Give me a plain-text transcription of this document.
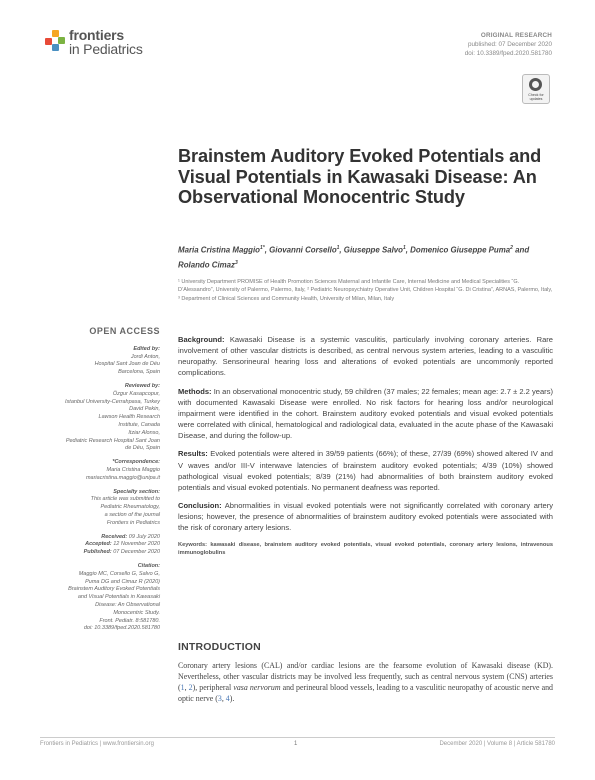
frontiers
in Pediatrics
ORIGINAL RESEARCH
published: 07 December 2020
doi: 10.3389/fped.2020.581780
Check for updates
Brainstem Auditory Evoked Potentials and Visual Potentials in Kawasaki Disease: An Observational Monocentric Study
Maria Cristina Maggio$^{1*}$, Giovanni Corsello$^1$, Giuseppe Salvo$^1$, Domenico Giuseppe Puma$^2$ and Rolando Cimaz$^3$
¹ University Department PROMISE of Health Promotion Sciences Maternal and Infantile Care, Internal Medicine and Medical Specialities “G. D’Alessandro”, University of Palermo, Palermo, Italy, ² Pediatric Neuropsychiatry Operative Unit, Children Hospital “G. Di Cristina”, ARNAS, Palermo, Italy, ³ Department of Clinical Sciences and Community Health, University of Milan, Milan, Italy
OPEN ACCESS
Edited by:
Jordi Anton,
Hospital Sant Joan de Déu
Barcelona, Spain
Reviewed by:
Özgur Kasapcopur,
Istanbul University-Cerrahpasa, Turkey
David Pekin,
Lawson Health Research
Institute, Canada
Itziar Alonso,
Pediatric Research Hospital Sant Joan
de Déu, Spain
*Correspondence:
Maria Cristina Maggio
mariacristina.maggio@unipa.it
Specialty section:
This article was submitted to
Pediatric Rheumatology,
a section of the journal
Frontiers in Pediatrics
Received: 09 July 2020
Accepted: 12 November 2020
Published: 07 December 2020
Citation:
Maggio MC, Corsello G, Salvo G,
Puma DG and Cimaz R (2020)
Brainstem Auditory Evoked Potentials
and Visual Potentials in Kawasaki
Disease: An Observational
Monocentric Study.
Front. Pediatr. 8:581780.
doi: 10.3389/fped.2020.581780

Background: Kawasaki Disease is a systemic vasculitis, particularly involving coronary arteries. Rare involvement of other vascular districts is described, as central nervous system arteries, leading to a vasculitic neuropathy. Sensorineural hearing loss and alterations of evoked potentials are uncommonly reported complications.

Methods: In an observational monocentric study, 59 children (37 males; 22 females; mean age: 2.7 ± 2.2 years) with documented Kawasaki Disease were enrolled. No risk factors for hearing loss and/or neurological impairment were identified in the cohort. Brainstem auditory evoked potentials and visual evoked potentials were correlated with clinical, hematological and radiological data, evaluated in the acute phase of the Kawasaki Disease, and during the follow-up.

Results: Evoked potentials were altered in 39/59 patients (66%); of these, 27/39 (69%) showed altered IV and V waves and/or III-V interwave latencies of brainstem auditory evoked potentials; 4/39 (10%) showed pathological visual evoked potentials; 8/39 (21%) had abnormalities of both brainstem auditory evoked potentials and visual evoked potentials. No permanent deafness was reported.

Conclusion: Abnormalities in visual evoked potentials were not significantly correlated with coronary artery lesions; however, the presence of abnormalities of brainstem auditory evoked potentials were associated with the risk of coronary artery lesions.

Keywords: kawasaki disease, brainstem auditory evoked potentials, visual evoked potentials, coronary artery lesions, intravenous immunoglobulins
INTRODUCTION
Coronary artery lesions (CAL) and/or cardiac lesions are the fearsome evolution of Kawasaki disease (KD). Nevertheless, other vascular districts may be involved less frequently, such as central nervous system (CNS) arteries (1, 2), peripheral vasa nervorum and perineural blood vessels, leading to a vasculitic neuropathy of acoustic nerve and optic nerve (3, 4).
Frontiers in Pediatrics | www.frontiersin.org	1	December 2020 | Volume 8 | Article 581780
